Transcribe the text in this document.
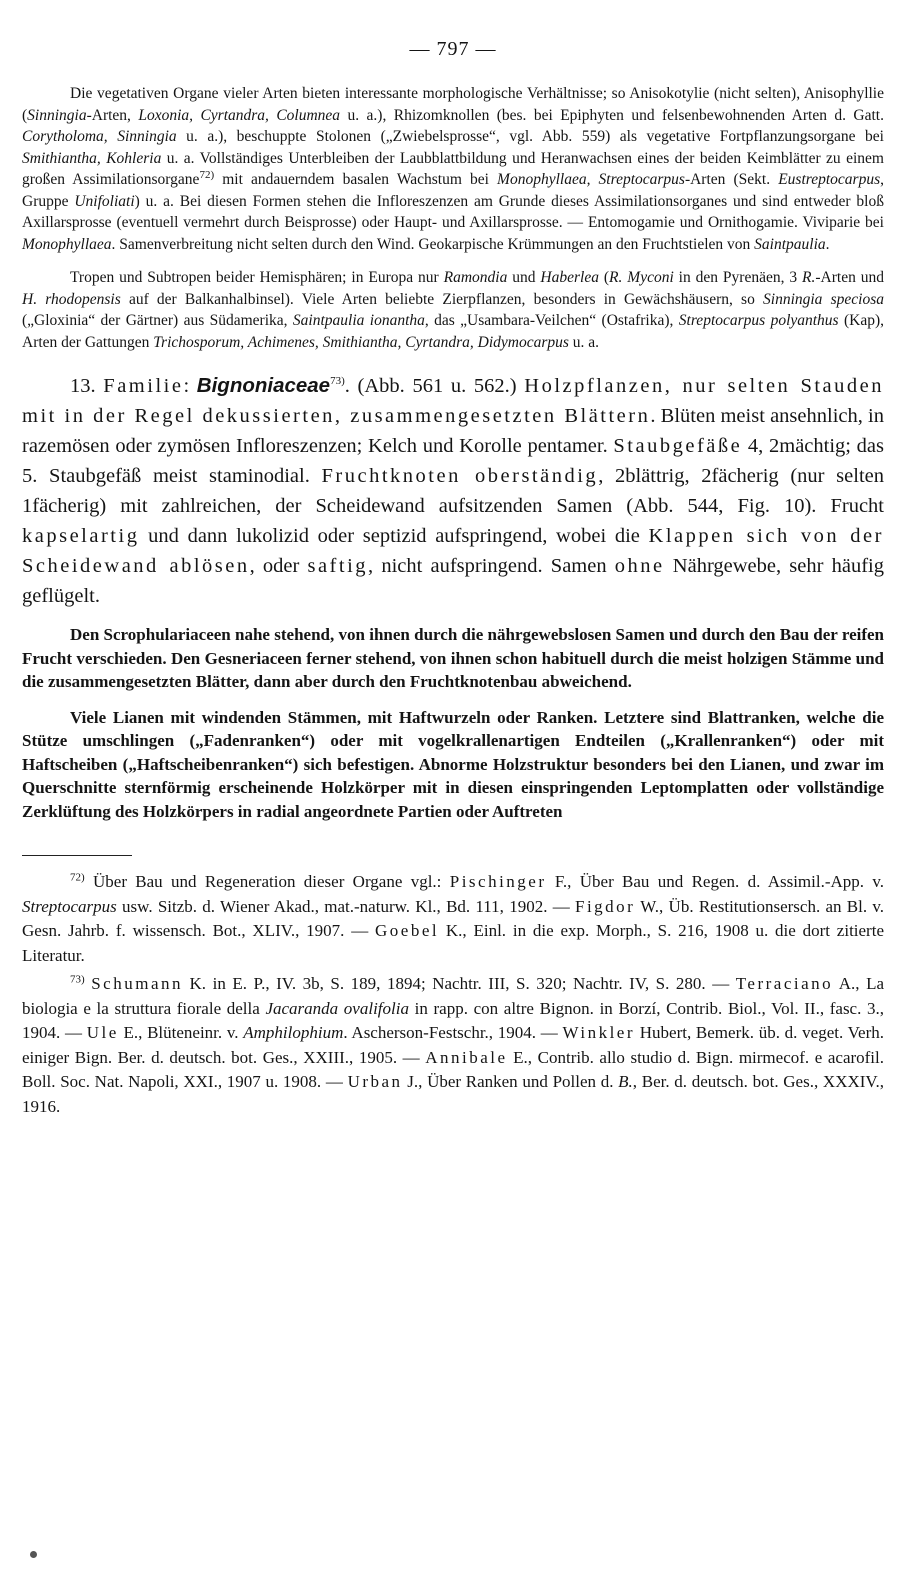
— 797 —

Die vegetativen Organe vieler Arten bieten interessante morphologische Verhältnisse; so Anisokotylie (nicht selten), Anisophyllie (Sinningia-Arten, Loxonia, Cyrtandra, Columnea u. a.), Rhizomknollen (bes. bei Epiphyten und felsenbewohnenden Arten d. Gatt. Corytholoma, Sinningia u. a.), beschuppte Stolonen („Zwiebelsprosse“, vgl. Abb. 559) als vegetative Fortpflanzungsorgane bei Smithiantha, Kohleria u. a. Vollständiges Unterbleiben der Laubblattbildung und Heranwachsen eines der beiden Keimblätter zu einem großen Assimilationsorgane$^{72)}$ mit andauerndem basalen Wachstum bei Monophyllaea, Streptocarpus-Arten (Sekt. Eustreptocarpus, Gruppe Unifoliati) u. a. Bei diesen Formen stehen die Infloreszenzen am Grunde dieses Assimilationsorganes und sind entweder bloß Axillarsprosse (eventuell vermehrt durch Beisprosse) oder Haupt- und Axillarsprosse. — Entomogamie und Ornithogamie. Viviparie bei Monophyllaea. Samenverbreitung nicht selten durch den Wind. Geokarpische Krümmungen an den Fruchtstielen von Saintpaulia.

Tropen und Subtropen beider Hemisphären; in Europa nur Ramondia und Haberlea (R. Myconi in den Pyrenäen, 3 R.-Arten und H. rhodopensis auf der Balkanhalbinsel). Viele Arten beliebte Zierpflanzen, besonders in Gewächshäusern, so Sinningia speciosa („Gloxinia“ der Gärtner) aus Südamerika, Saintpaulia ionantha, das „Usambara-Veilchen“ (Ostafrika), Streptocarpus polyanthus (Kap), Arten der Gattungen Trichosporum, Achimenes, Smithiantha, Cyrtandra, Didymocarpus u. a.

13. Familie: Bignoniaceae$^{73)}$. (Abb. 561 u. 562.) Holzpflanzen, nur selten Stauden mit in der Regel dekussierten, zusammengesetzten Blättern. Blüten meist ansehnlich, in razemösen oder zymösen Infloreszenzen; Kelch und Korolle pentamer. Staubgefäße 4, 2mächtig; das 5. Staubgefäß meist staminodial. Fruchtknoten oberständig, 2blättrig, 2fächerig (nur selten 1fächerig) mit zahlreichen, der Scheidewand aufsitzenden Samen (Abb. 544, Fig. 10). Frucht kapselartig und dann lukolizid oder septizid aufspringend, wobei die Klappen sich von der Scheidewand ablösen, oder saftig, nicht aufspringend. Samen ohne Nährgewebe, sehr häufig geflügelt.

Den Scrophulariaceen nahe stehend, von ihnen durch die nährgewebslosen Samen und durch den Bau der reifen Frucht verschieden. Den Gesneriaceen ferner stehend, von ihnen schon habituell durch die meist holzigen Stämme und die zusammengesetzten Blätter, dann aber durch den Fruchtknotenbau abweichend.

Viele Lianen mit windenden Stämmen, mit Haftwurzeln oder Ranken. Letztere sind Blattranken, welche die Stütze umschlingen („Fadenranken“) oder mit vogelkrallenartigen Endteilen („Krallenranken“) oder mit Haftscheiben („Haftscheibenranken“) sich befestigen. Abnorme Holzstruktur besonders bei den Lianen, und zwar im Querschnitte sternförmig erscheinende Holzkörper mit in diesen einspringenden Leptomplatten oder vollständige Zerklüftung des Holzkörpers in radial angeordnete Partien oder Auftreten

$^{72)}$ Über Bau und Regeneration dieser Organe vgl.: Pischinger F., Über Bau und Regen. d. Assimil.-App. v. Streptocarpus usw. Sitzb. d. Wiener Akad., mat.-naturw. Kl., Bd. 111, 1902. — Figdor W., Üb. Restitutionsersch. an Bl. v. Gesn. Jahrb. f. wissensch. Bot., XLIV., 1907. — Goebel K., Einl. in die exp. Morph., S. 216, 1908 u. die dort zitierte Literatur.

$^{73)}$ Schumann K. in E. P., IV. 3b, S. 189, 1894; Nachtr. III, S. 320; Nachtr. IV, S. 280. — Terraciano A., La biologia e la struttura fiorale della Jacaranda ovalifolia in rapp. con altre Bignon. in Borzí, Contrib. Biol., Vol. II., fasc. 3., 1904. — Ule E., Blüteneinr. v. Amphilophium. Ascherson-Festschr., 1904. — Winkler Hubert, Bemerk. üb. d. veget. Verh. einiger Bign. Ber. d. deutsch. bot. Ges., XXIII., 1905. — Annibale E., Contrib. allo studio d. Bign. mirmecof. e acarofil. Boll. Soc. Nat. Napoli, XXI., 1907 u. 1908. — Urban J., Über Ranken und Pollen d. B., Ber. d. deutsch. bot. Ges., XXXIV., 1916.
